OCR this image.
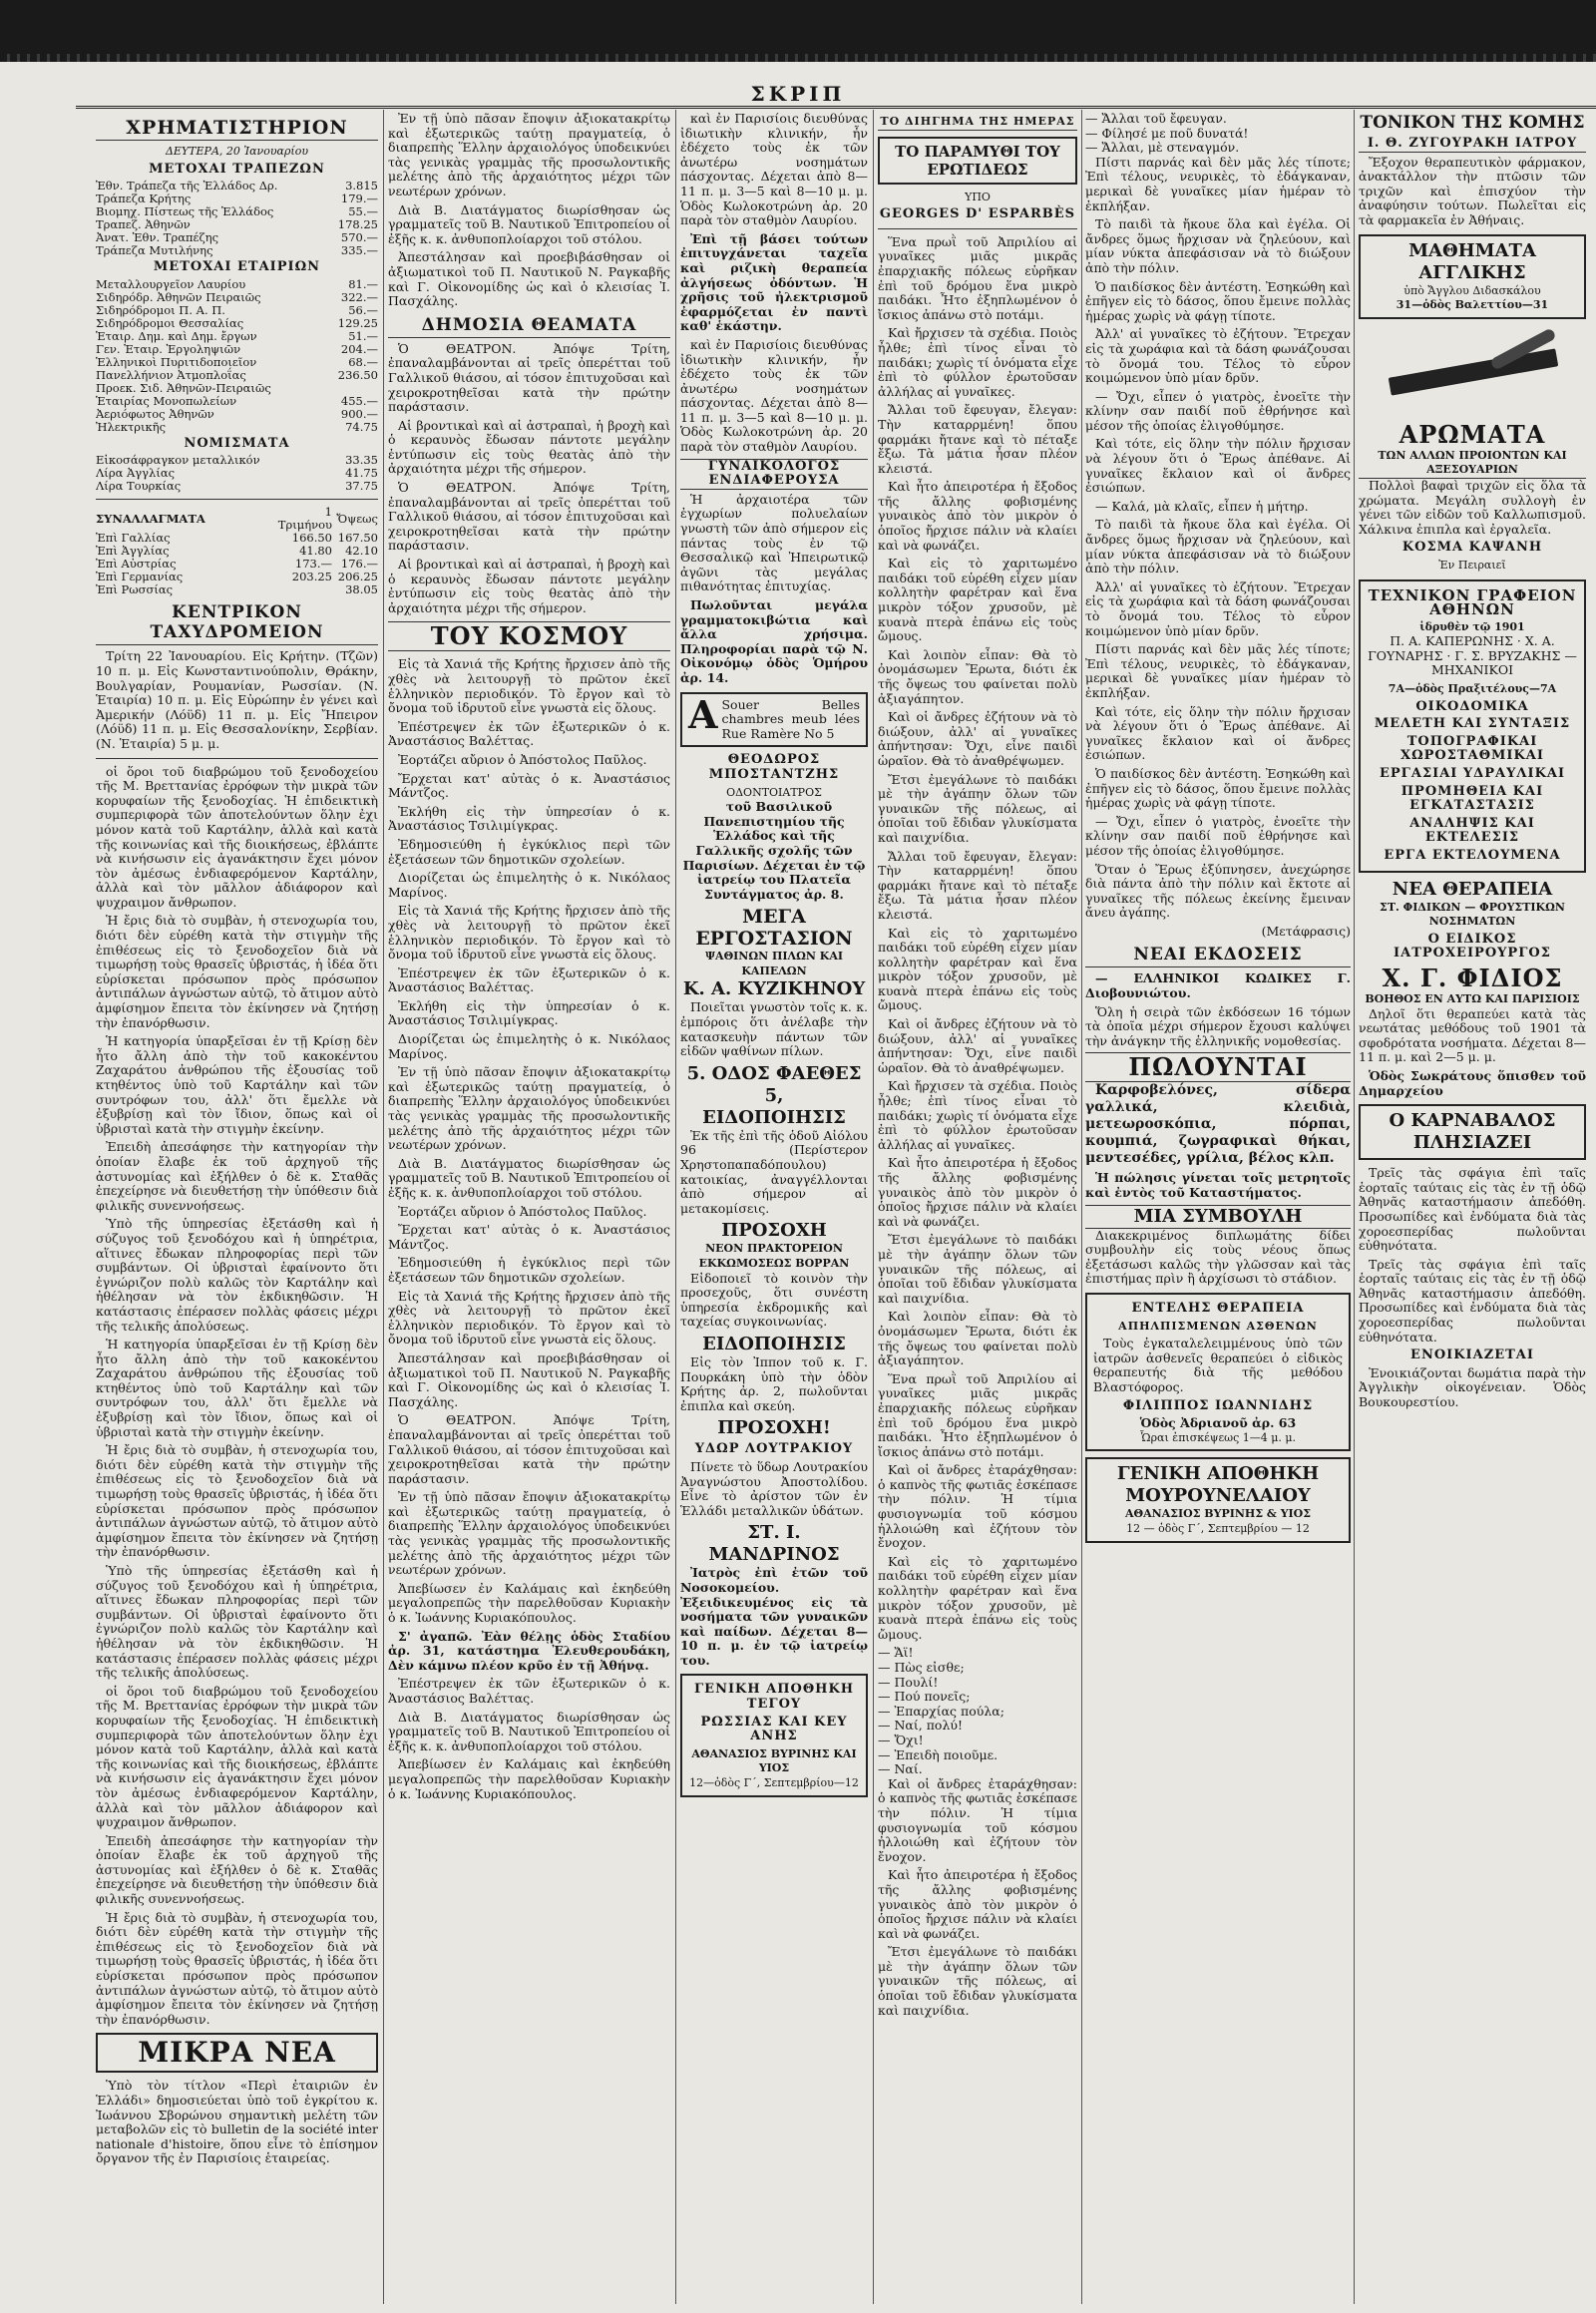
ΣΚΡΙΠ
ΧΡΗΜΑΤΙΣΤΗΡΙΟΝ
ΔΕΥΤΕΡΑ, 20 Ἰανουαρίου
ΜΕΤΟΧΑΙ ΤΡΑΠΕΖΩΝ
Ἐθν. Τράπεζα τῆς Ἑλλάδος Δρ.	3.815
Τράπεζα Κρήτης	179.—
Βιομηχ. Πίστεως τῆς Ἑλλάδος	55.—
Τραπεζ. Ἀθηνῶν	178.25
Ἀνατ. Ἐθν. Τραπέζης	570.—
Τράπεζα Μυτιλήνης	335.—
ΜΕΤΟΧΑΙ ΕΤΑΙΡΙΩΝ
Μεταλλουργεῖον Λαυρίου	81.—
Σιδηρόδρ. Ἀθηνῶν Πειραιῶς	322.—
Σιδηρόδρομοι Π. Α. Π.	56.—
Σιδηρόδρομοι Θεσσαλίας	129.25
Ἑταιρ. Δημ. καὶ Δημ. ἔργων	51.—
Γεν. Ἑταιρ. Ἐργοληψιῶν	204.—
Ἑλληνικοὶ Πυριτιδοποιεῖον	68.—
Πανελλήνιον Ἀτμοπλοΐας	236.50
Προεκ. Σιδ. Ἀθηνῶν-Πειραιῶς	
Ἑταιρίας Μονοπωλείων	455.—
Ἀεριόφωτος Ἀθηνῶν	900.—
Ἠλεκτρικῆς	74.75
ΝΟΜΙΣΜΑΤΑ
Εἰκοσάφραγκον μεταλλικόν	33.35
Λίρα Ἀγγλίας	41.75
Λίρα Τουρκίας	37.75
ΣΥΝΑΛΛΑΓΜΑΤΑ	1 Τριμήνου	Ὄψεως
Ἐπὶ Γαλλίας	166.50	167.50
Ἐπὶ Ἀγγλίας	41.80	42.10
Ἐπὶ Αὐστρίας	173.—	176.—
Ἐπὶ Γερμανίας	203.25	206.25
Ἐπὶ Ρωσσίας		38.05
ΚΕΝΤΡΙΚΟΝ ΤΑΧΥΔΡΟΜΕΙΟΝ

Τρίτη 22 Ἰανουαρίου. Εἰς Κρήτην. (Τζῶν) 10 π. μ. Εἰς Κωνσταντινούπολιν, Θράκην, Βουλγαρίαν, Ρουμανίαν, Ρωσσίαν. (Ν. Ἑταιρία) 10 π. μ. Εἰς Εὐρώπην ἐν γένει καὶ Ἀμερικήν (Λόϋδ) 11 π. μ. Εἰς Ἤπειρον (Λόϋδ) 11 π. μ. Εἰς Θεσσαλονίκην, Σερβίαν. (Ν. Ἑταιρία) 5 μ. μ.

οἱ ὅροι τοῦ διαβρώμου τοῦ ξενοδοχείου τῆς Μ. Βρεττανίας ἐρρόφων τὴν μικρὰ τῶν κορυφαίων τῆς ξενοδοχίας. Ἡ ἐπιδεικτικὴ συμπεριφορὰ τῶν ἀποτελούντων ὅλην ἐχι μόνον κατὰ τοῦ Καρτάλην, ἀλλὰ καὶ κατὰ τῆς κοινωνίας καὶ τῆς διοικήσεως, ἐβλάπτε νὰ κινήσωσιν εἰς ἀγανάκτησιν ἔχει μόνον τὸν ἀμέσως ἐνδιαφερόμενον Καρτάλην, ἀλλὰ καὶ τὸν μᾶλλον ἀδιάφορον καὶ ψυχραιμον ἄνθρωπον.

Ἡ ἔρις διὰ τὸ συμβὰν, ἡ στενοχωρία του, διότι δὲν εὑρέθη κατὰ τὴν στιγμὴν τῆς ἐπιθέσεως εἰς τὸ ξενοδοχεῖον διὰ νὰ τιμωρήσῃ τοὺς θρασεῖς ὑβριστάς, ἡ ἰδέα ὅτι εὑρίσκεται πρόσωπον πρὸς πρόσωπον ἀντιπάλων ἀγνώστων αὐτῷ, τὸ ἄτιμον αὐτὸ ἀμφίσημον ἔπειτα τὸν ἐκίνησεν νὰ ζητήσῃ τὴν ἐπανόρθωσιν.

Ἡ κατηγορία ὑπαρξεῖσαι ἐν τῇ Κρίσῃ δὲν ἦτο ἄλλη ἀπὸ τὴν τοῦ κακοκέντου Ζαχαράτου ἀνθρώπου τῆς ἐξουσίας τοῦ κτηθέντος ὑπὸ τοῦ Καρτάλην καὶ τῶν συντρόφων του, ἀλλ' ὅτι ἔμελλε νὰ ἐξυβρίσῃ καὶ τὸν ἴδιον, ὅπως καὶ οἱ ὑβρισταὶ κατὰ τὴν στιγμὴν ἐκείνην.

Ἐπειδὴ ἀπεσάφησε τὴν κατηγορίαν τὴν ὁποίαν ἔλαβε ἐκ τοῦ ἀρχηγοῦ τῆς ἀστυνομίας καὶ ἐξήλθεν ὁ δὲ κ. Σταθᾶς ἐπεχείρησε νὰ διευθετήσῃ τὴν ὑπόθεσιν διὰ φιλικῆς συνεννοήσεως.

Ὑπὸ τῆς ὑπηρεσίας ἐξετάσθη καὶ ἡ σύζυγος τοῦ ξενοδόχου καὶ ἡ ὑπηρέτρια, αἵτινες ἔδωκαν πληροφορίας περὶ τῶν συμβάντων. Οἱ ὑβρισταὶ ἐφαίνοντο ὅτι ἐγνώριζον πολὺ καλῶς τὸν Καρτάλην καὶ ἠθέλησαν νὰ τὸν ἐκδικηθῶσιν. Ἡ κατάστασις ἐπέρασεν πολλὰς φάσεις μέχρι τῆς τελικῆς ἀπολύσεως.

Ἡ κατηγορία ὑπαρξεῖσαι ἐν τῇ Κρίσῃ δὲν ἦτο ἄλλη ἀπὸ τὴν τοῦ κακοκέντου Ζαχαράτου ἀνθρώπου τῆς ἐξουσίας τοῦ κτηθέντος ὑπὸ τοῦ Καρτάλην καὶ τῶν συντρόφων του, ἀλλ' ὅτι ἔμελλε νὰ ἐξυβρίσῃ καὶ τὸν ἴδιον, ὅπως καὶ οἱ ὑβρισταὶ κατὰ τὴν στιγμὴν ἐκείνην.

Ἡ ἔρις διὰ τὸ συμβὰν, ἡ στενοχωρία του, διότι δὲν εὑρέθη κατὰ τὴν στιγμὴν τῆς ἐπιθέσεως εἰς τὸ ξενοδοχεῖον διὰ νὰ τιμωρήσῃ τοὺς θρασεῖς ὑβριστάς, ἡ ἰδέα ὅτι εὑρίσκεται πρόσωπον πρὸς πρόσωπον ἀντιπάλων ἀγνώστων αὐτῷ, τὸ ἄτιμον αὐτὸ ἀμφίσημον ἔπειτα τὸν ἐκίνησεν νὰ ζητήσῃ τὴν ἐπανόρθωσιν.

Ὑπὸ τῆς ὑπηρεσίας ἐξετάσθη καὶ ἡ σύζυγος τοῦ ξενοδόχου καὶ ἡ ὑπηρέτρια, αἵτινες ἔδωκαν πληροφορίας περὶ τῶν συμβάντων. Οἱ ὑβρισταὶ ἐφαίνοντο ὅτι ἐγνώριζον πολὺ καλῶς τὸν Καρτάλην καὶ ἠθέλησαν νὰ τὸν ἐκδικηθῶσιν. Ἡ κατάστασις ἐπέρασεν πολλὰς φάσεις μέχρι τῆς τελικῆς ἀπολύσεως.

οἱ ὅροι τοῦ διαβρώμου τοῦ ξενοδοχείου τῆς Μ. Βρεττανίας ἐρρόφων τὴν μικρὰ τῶν κορυφαίων τῆς ξενοδοχίας. Ἡ ἐπιδεικτικὴ συμπεριφορὰ τῶν ἀποτελούντων ὅλην ἐχι μόνον κατὰ τοῦ Καρτάλην, ἀλλὰ καὶ κατὰ τῆς κοινωνίας καὶ τῆς διοικήσεως, ἐβλάπτε νὰ κινήσωσιν εἰς ἀγανάκτησιν ἔχει μόνον τὸν ἀμέσως ἐνδιαφερόμενον Καρτάλην, ἀλλὰ καὶ τὸν μᾶλλον ἀδιάφορον καὶ ψυχραιμον ἄνθρωπον.

Ἐπειδὴ ἀπεσάφησε τὴν κατηγορίαν τὴν ὁποίαν ἔλαβε ἐκ τοῦ ἀρχηγοῦ τῆς ἀστυνομίας καὶ ἐξήλθεν ὁ δὲ κ. Σταθᾶς ἐπεχείρησε νὰ διευθετήσῃ τὴν ὑπόθεσιν διὰ φιλικῆς συνεννοήσεως.

Ἡ ἔρις διὰ τὸ συμβὰν, ἡ στενοχωρία του, διότι δὲν εὑρέθη κατὰ τὴν στιγμὴν τῆς ἐπιθέσεως εἰς τὸ ξενοδοχεῖον διὰ νὰ τιμωρήσῃ τοὺς θρασεῖς ὑβριστάς, ἡ ἰδέα ὅτι εὑρίσκεται πρόσωπον πρὸς πρόσωπον ἀντιπάλων ἀγνώστων αὐτῷ, τὸ ἄτιμον αὐτὸ ἀμφίσημον ἔπειτα τὸν ἐκίνησεν νὰ ζητήσῃ τὴν ἐπανόρθωσιν.

ΜΙΚΡΑ ΝΕΑ

Ὑπὸ τὸν τίτλον «Περὶ ἐταιριῶν ἐν Ἑλλάδι» δημοσιεύεται ὑπὸ τοῦ ἐγκρίτου κ. Ἰωάννου Σβορώνου σημαντικὴ μελέτη τῶν μεταβολῶν εἰς τὸ bulletin de la société inter nationale d'histoire, ὅπου εἶνε τὸ ἐπίσημον ὄργανον τῆς ἐν Παρισίοις ἑταιρείας.

Ἐν τῇ ὑπὸ πᾶσαν ἔποψιν ἀξιοκατακρίτῳ καὶ ἐξωτερικῶς ταύτῃ πραγματείᾳ, ὁ διαπρεπὴς Ἕλλην ἀρχαιολόγος ὑποδεικνύει τὰς γενικὰς γραμμὰς τῆς προσωλοντικῆς μελέτης ἀπὸ τῆς ἀρχαιότητος μέχρι τῶν νεωτέρων χρόνων.

Διὰ Β. Διατάγματος διωρίσθησαν ὡς γραμματεῖς τοῦ Β. Ναυτικοῦ Ἐπιτροπείου οἱ ἐξῆς κ. κ. ἀνθυποπλοίαρχοι τοῦ στόλου.

Ἀπεστάλησαν καὶ προεβιβάσθησαν οἱ ἀξιωματικοὶ τοῦ Π. Ναυτικοῦ Ν. Ραγκαβῆς καὶ Γ. Οἰκονομίδης ὡς καὶ ὁ κλεισίας Ἰ. Πασχάλης.

ΔΗΜΟΣΙΑ ΘΕΑΜΑΤΑ

Ὁ ΘΕΑΤΡΟΝ. Ἀπόψε Τρίτη, ἐπαναλαμβάνονται αἱ τρεῖς ὀπερέτται τοῦ Γαλλικοῦ θιάσου, αἱ τόσον ἐπιτυχοῦσαι καὶ χειροκροτηθεῖσαι κατὰ τὴν πρώτην παράστασιν.

Αἱ βροντικαὶ καὶ αἱ ἀστραπαὶ, ἡ βροχὴ καὶ ὁ κεραυνὸς ἔδωσαν πάντοτε μεγάλην ἐντύπωσιν εἰς τοὺς θεατὰς ἀπὸ τὴν ἀρχαιότητα μέχρι τῆς σήμερον.

Ὁ ΘΕΑΤΡΟΝ. Ἀπόψε Τρίτη, ἐπαναλαμβάνονται αἱ τρεῖς ὀπερέτται τοῦ Γαλλικοῦ θιάσου, αἱ τόσον ἐπιτυχοῦσαι καὶ χειροκροτηθεῖσαι κατὰ τὴν πρώτην παράστασιν.

Αἱ βροντικαὶ καὶ αἱ ἀστραπαὶ, ἡ βροχὴ καὶ ὁ κεραυνὸς ἔδωσαν πάντοτε μεγάλην ἐντύπωσιν εἰς τοὺς θεατὰς ἀπὸ τὴν ἀρχαιότητα μέχρι τῆς σήμερον.

ΤΟΥ ΚΟΣΜΟΥ

Εἰς τὰ Χανιά τῆς Κρήτης ἤρχισεν ἀπὸ τῆς χθὲς νὰ λειτουργῇ τὸ πρῶτον ἐκεῖ ἑλληνικὸν περιοδικόν. Τὸ ἔργον καὶ τὸ ὄνομα τοῦ ἱδρυτοῦ εἶνε γνωστὰ εἰς ὅλους.

Ἐπέστρεψεν ἐκ τῶν ἐξωτερικῶν ὁ κ. Ἀναστάσιος Βαλέττας.

Ἐορτάζει αὔριον ὁ Ἀπόστολος Παῦλος.

Ἔρχεται κατ' αὐτὰς ὁ κ. Ἀναστάσιος Μάντζος.

Ἐκλήθη εἰς τὴν ὑπηρεσίαν ὁ κ. Ἀναστάσιος Τσιλιμίγκρας.

Ἐδημοσιεύθη ἡ ἐγκύκλιος περὶ τῶν ἐξετάσεων τῶν δημοτικῶν σχολείων.

Διορίζεται ὡς ἐπιμελητὴς ὁ κ. Νικόλαος Μαρίνος.

Εἰς τὰ Χανιά τῆς Κρήτης ἤρχισεν ἀπὸ τῆς χθὲς νὰ λειτουργῇ τὸ πρῶτον ἐκεῖ ἑλληνικὸν περιοδικόν. Τὸ ἔργον καὶ τὸ ὄνομα τοῦ ἱδρυτοῦ εἶνε γνωστὰ εἰς ὅλους.

Ἐπέστρεψεν ἐκ τῶν ἐξωτερικῶν ὁ κ. Ἀναστάσιος Βαλέττας.

Ἐκλήθη εἰς τὴν ὑπηρεσίαν ὁ κ. Ἀναστάσιος Τσιλιμίγκρας.

Διορίζεται ὡς ἐπιμελητὴς ὁ κ. Νικόλαος Μαρίνος.

Ἐν τῇ ὑπὸ πᾶσαν ἔποψιν ἀξιοκατακρίτῳ καὶ ἐξωτερικῶς ταύτῃ πραγματείᾳ, ὁ διαπρεπὴς Ἕλλην ἀρχαιολόγος ὑποδεικνύει τὰς γενικὰς γραμμὰς τῆς προσωλοντικῆς μελέτης ἀπὸ τῆς ἀρχαιότητος μέχρι τῶν νεωτέρων χρόνων.

Διὰ Β. Διατάγματος διωρίσθησαν ὡς γραμματεῖς τοῦ Β. Ναυτικοῦ Ἐπιτροπείου οἱ ἐξῆς κ. κ. ἀνθυποπλοίαρχοι τοῦ στόλου.

Ἐορτάζει αὔριον ὁ Ἀπόστολος Παῦλος.

Ἔρχεται κατ' αὐτὰς ὁ κ. Ἀναστάσιος Μάντζος.

Ἐδημοσιεύθη ἡ ἐγκύκλιος περὶ τῶν ἐξετάσεων τῶν δημοτικῶν σχολείων.

Εἰς τὰ Χανιά τῆς Κρήτης ἤρχισεν ἀπὸ τῆς χθὲς νὰ λειτουργῇ τὸ πρῶτον ἐκεῖ ἑλληνικὸν περιοδικόν. Τὸ ἔργον καὶ τὸ ὄνομα τοῦ ἱδρυτοῦ εἶνε γνωστὰ εἰς ὅλους.

Ἀπεστάλησαν καὶ προεβιβάσθησαν οἱ ἀξιωματικοὶ τοῦ Π. Ναυτικοῦ Ν. Ραγκαβῆς καὶ Γ. Οἰκονομίδης ὡς καὶ ὁ κλεισίας Ἰ. Πασχάλης.

Ὁ ΘΕΑΤΡΟΝ. Ἀπόψε Τρίτη, ἐπαναλαμβάνονται αἱ τρεῖς ὀπερέτται τοῦ Γαλλικοῦ θιάσου, αἱ τόσον ἐπιτυχοῦσαι καὶ χειροκροτηθεῖσαι κατὰ τὴν πρώτην παράστασιν.

Ἐν τῇ ὑπὸ πᾶσαν ἔποψιν ἀξιοκατακρίτῳ καὶ ἐξωτερικῶς ταύτῃ πραγματείᾳ, ὁ διαπρεπὴς Ἕλλην ἀρχαιολόγος ὑποδεικνύει τὰς γενικὰς γραμμὰς τῆς προσωλοντικῆς μελέτης ἀπὸ τῆς ἀρχαιότητος μέχρι τῶν νεωτέρων χρόνων.

Ἀπεβίωσεν ἐν Καλάμαις καὶ ἐκηδεύθη μεγαλοπρεπῶς τὴν παρελθοῦσαν Κυριακὴν ὁ κ. Ἰωάννης Κυριακόπουλος.

Σ' ἀγαπῶ. Ἐὰν θέλῃς ὁδὸς Σταδίου ἀρ. 31, κατάστημα Ἐλευθερουδάκη, Δὲν κάμνω πλέον κρῦο ἐν τῇ Ἀθήνᾳ.

Ἐπέστρεψεν ἐκ τῶν ἐξωτερικῶν ὁ κ. Ἀναστάσιος Βαλέττας.

Διὰ Β. Διατάγματος διωρίσθησαν ὡς γραμματεῖς τοῦ Β. Ναυτικοῦ Ἐπιτροπείου οἱ ἐξῆς κ. κ. ἀνθυποπλοίαρχοι τοῦ στόλου.

Ἀπεβίωσεν ἐν Καλάμαις καὶ ἐκηδεύθη μεγαλοπρεπῶς τὴν παρελθοῦσαν Κυριακὴν ὁ κ. Ἰωάννης Κυριακόπουλος.

καὶ ἐν Παρισίοις διευθύνας ἰδιωτικὴν κλινικήν, ἦν ἐδέχετο τοὺς ἐκ τῶν ἀνωτέρω νοσημάτων πάσχοντας. Δέχεται ἀπὸ 8—11 π. μ. 3—5 καὶ 8—10 μ. μ. Ὁδὸς Κωλοκοτρώνη ἀρ. 20 παρὰ τὸν σταθμὸν Λαυρίου.

Ἐπὶ τῇ βάσει τούτων ἐπιτυγχάνεται ταχεῖα καὶ ριζικὴ θεραπεία ἀλγήσεως ὀδόντων. Ἡ χρῆσις τοῦ ἠλεκτρισμοῦ ἐφαρμόζεται ἐν παντὶ καθ' ἑκάστην.

καὶ ἐν Παρισίοις διευθύνας ἰδιωτικὴν κλινικήν, ἦν ἐδέχετο τοὺς ἐκ τῶν ἀνωτέρω νοσημάτων πάσχοντας. Δέχεται ἀπὸ 8—11 π. μ. 3—5 καὶ 8—10 μ. μ. Ὁδὸς Κωλοκοτρώνη ἀρ. 20 παρὰ τὸν σταθμὸν Λαυρίου.

ΓΥΝΑΙΚΟΛΟΓΟΣ ΕΝΔΙΑΦΕΡΟΥΣΑ

Ἡ ἀρχαιοτέρα τῶν ἐγχωρίων πολυελαίων γνωστὴ τῶν ἀπὸ σήμερον εἰς πάντας τοὺς ἐν τῷ Θεσσαλικῷ καὶ Ἠπειρωτικῷ ἀγῶνι τὰς μεγάλας πιθανότητας ἐπιτυχίας.

Πωλοῦνται μεγάλα γραμματοκιβώτια καὶ ἄλλα χρήσιμα. Πληροφορίαι παρὰ τῷ Ν. Οἰκονόμῳ ὁδὸς Ὁμήρου ἀρ. 14.

A Souer Belles chambres meub lées Rue Ramère No 5
ΘΕΟΔΩΡΟΣ ΜΠΟΣΤΑΝΤΖΗΣ
ΟΔΟΝΤΟΙΑΤΡΟΣ

τοῦ Βασιλικοῦ Πανεπιστημίου τῆς Ἑλλάδος καὶ τῆς Γαλλικῆς σχολῆς τῶν Παρισίων. Δέχεται ἐν τῷ ἰατρείῳ του Πλατεῖα Συντάγματος ἀρ. 8.

ΜΕΓΑ ΕΡΓΟΣΤΑΣΙΟΝ
ΨΑΘΙΝΩΝ ΠΙΛΩΝ ΚΑΙ ΚΑΠΕΛΩΝ
Κ. Α. ΚΥΖΙΚΗΝΟΥ

Ποιεῖται γνωστὸν τοῖς κ. κ. ἐμπόροις ὅτι ἀνέλαβε τὴν κατασκευὴν πάντων τῶν εἰδῶν ψαθίνων πίλων.

5. ΟΔΟΣ ΦΑΕΘΕΣ 5,
ΕΙΔΟΠΟΙΗΣΙΣ

Ἐκ τῆς ἐπὶ τῆς ὁδοῦ Αἰόλου 96 (Περίστερον Χρηστοπαπαδόπουλου) κατοικίας, ἀναγγέλλονται ἀπὸ σήμερον αἱ μετακομίσεις.

ΠΡΟΣΟΧΗ
ΝΕΟΝ ΠΡΑΚΤΟΡΕΙΟΝ ΕΚΚΩΜΟΣΕΩΣ ΒΟΡΡΑΝ

Εἰδοποιεῖ τὸ κοινὸν τὴν προσεχοῦς, ὅτι συνέστη ὑπηρεσία ἐκδρομικῆς καὶ ταχείας συγκοινωνίας.

ΕΙΔΟΠΟΙΗΣΙΣ

Εἰς τὸν Ἰππον τοῦ κ. Γ. Πουρκάκη ὑπὸ τὴν ὁδὸν Κρήτης ἀρ. 2, πωλοῦνται ἐπιπλα καὶ σκεύη.

ΠΡΟΣΟΧΗ!
ΥΔΩΡ ΛΟΥΤΡΑΚΙΟΥ

Πίνετε τὸ ὕδωρ Λουτρακίου Ἀναγνώστου Ἀποστολίδου. Εἶνε τὸ ἀρίστον τῶν ἐν Ἑλλάδι μεταλλικῶν ὑδάτων.

ΣΤ. Ι. ΜΑΝΔΡΙΝΟΣ

Ἰατρὸς ἐπὶ ἐτῶν τοῦ Νοσοκομείου. Ἐξειδικευμένος εἰς τὰ νοσήματα τῶν γυναικῶν καὶ παίδων. Δέχεται 8—10 π. μ. ἐν τῷ ἰατρείῳ του.

ΓΕΝΙΚΗ ΑΠΟΘΗΚΗ ΤΕΓΟΥ
ΡΩΣΣΙΑΣ ΚΑΙ ΚΕΥ ΑΝΗΣ
ΑΘΑΝΑΣΙΟΣ ΒΥΡΙΝΗΣ ΚΑΙ ΥΙΟΣ
12—ὁδὸς Γ΄, Σεπτεμβρίου—12
ΤΟ ΔΙΗΓΗΜΑ ΤΗΣ ΗΜΕΡΑΣ
ΤΟ ΠΑΡΑΜΥΘΙ ΤΟΥ ΕΡΩΤΙΔΕΩΣ
ΥΠΟ
GEORGES D' ESPARBÈS

Ἕνα πρωῒ τοῦ Ἀπριλίου αἱ γυναῖκες μιᾶς μικρᾶς ἐπαρχιακῆς πόλεως εὑρῆκαν ἐπὶ τοῦ δρόμου ἕνα μικρὸ παιδάκι. Ἦτο ἐξηπλωμένον ὁ ἴσκιος ἀπάνω στὸ ποτάμι.

Καὶ ἤρχισεν τὰ σχέδια. Ποιὸς ἦλθε; ἐπὶ τίνος εἶναι τὸ παιδάκι; χωρὶς τί ὀνόματα εἶχε ἐπὶ τὸ φύλλον ἐρωτοῦσαν ἀλλήλας αἱ γυναῖκες.

Ἄλλαι τοῦ ἔφευγαν, ἔλεγαν: Τὴν καταρρμένη! ὅπου φαρμάκι ἤτανε καὶ τὸ πέταξε ἔξω. Τὰ μάτια ἦσαν πλέον κλειστά.

Καὶ ἦτο ἀπειροτέρα ἡ ἔξοδος τῆς ἄλλης φοβισμένης γυναικὸς ἀπὸ τὸν μικρὸν ὁ ὁποῖος ἤρχισε πάλιν νὰ κλαίει καὶ νὰ φωνάζει.

Καὶ εἰς τὸ χαριτωμένο παιδάκι τοῦ εὑρέθη εἶχεν μίαν κολλητὴν φαρέτραν καὶ ἕνα μικρὸν τόξον χρυσοῦν, μὲ κυανὰ πτερὰ ἐπάνω εἰς τοὺς ὤμους.

Καὶ λοιπὸν εἶπαν: Θὰ τὸ ὀνομάσωμεν Ἔρωτα, διότι ἐκ τῆς ὄψεως του φαίνεται πολὺ ἀξιαγάπητον.

Καὶ οἱ ἄνδρες ἐζήτουν νὰ τὸ διώξουν, ἀλλ' αἱ γυναῖκες ἀπήντησαν: Ὄχι, εἶνε παιδὶ ὡραῖον. Θὰ τὸ ἀναθρέψωμεν.

Ἔτσι ἐμεγάλωνε τὸ παιδάκι μὲ τὴν ἀγάπην ὅλων τῶν γυναικῶν τῆς πόλεως, αἱ ὁποῖαι τοῦ ἔδιδαν γλυκίσματα καὶ παιχνίδια.

Ἄλλαι τοῦ ἔφευγαν, ἔλεγαν: Τὴν καταρρμένη! ὅπου φαρμάκι ἤτανε καὶ τὸ πέταξε ἔξω. Τὰ μάτια ἦσαν πλέον κλειστά.

Καὶ εἰς τὸ χαριτωμένο παιδάκι τοῦ εὑρέθη εἶχεν μίαν κολλητὴν φαρέτραν καὶ ἕνα μικρὸν τόξον χρυσοῦν, μὲ κυανὰ πτερὰ ἐπάνω εἰς τοὺς ὤμους.

Καὶ οἱ ἄνδρες ἐζήτουν νὰ τὸ διώξουν, ἀλλ' αἱ γυναῖκες ἀπήντησαν: Ὄχι, εἶνε παιδὶ ὡραῖον. Θὰ τὸ ἀναθρέψωμεν.

Καὶ ἤρχισεν τὰ σχέδια. Ποιὸς ἦλθε; ἐπὶ τίνος εἶναι τὸ παιδάκι; χωρὶς τί ὀνόματα εἶχε ἐπὶ τὸ φύλλον ἐρωτοῦσαν ἀλλήλας αἱ γυναῖκες.

Καὶ ἦτο ἀπειροτέρα ἡ ἔξοδος τῆς ἄλλης φοβισμένης γυναικὸς ἀπὸ τὸν μικρὸν ὁ ὁποῖος ἤρχισε πάλιν νὰ κλαίει καὶ νὰ φωνάζει.

Ἔτσι ἐμεγάλωνε τὸ παιδάκι μὲ τὴν ἀγάπην ὅλων τῶν γυναικῶν τῆς πόλεως, αἱ ὁποῖαι τοῦ ἔδιδαν γλυκίσματα καὶ παιχνίδια.

Καὶ λοιπὸν εἶπαν: Θὰ τὸ ὀνομάσωμεν Ἔρωτα, διότι ἐκ τῆς ὄψεως του φαίνεται πολὺ ἀξιαγάπητον.

Ἕνα πρωῒ τοῦ Ἀπριλίου αἱ γυναῖκες μιᾶς μικρᾶς ἐπαρχιακῆς πόλεως εὑρῆκαν ἐπὶ τοῦ δρόμου ἕνα μικρὸ παιδάκι. Ἦτο ἐξηπλωμένον ὁ ἴσκιος ἀπάνω στὸ ποτάμι.

Καὶ οἱ ἄνδρες ἐταράχθησαν: ὁ καπνὸς τῆς φωτιᾶς ἐσκέπασε τὴν πόλιν. Ἡ τίμια φυσιογνωμία τοῦ κόσμου ἠλλοιώθη καὶ ἐζήτουν τὸν ἔνοχον.

Καὶ εἰς τὸ χαριτωμένο παιδάκι τοῦ εὑρέθη εἶχεν μίαν κολλητὴν φαρέτραν καὶ ἕνα μικρὸν τόξον χρυσοῦν, μὲ κυανὰ πτερὰ ἐπάνω εἰς τοὺς ὤμους.

— Ἄϊ!
— Πὼς εἰσθε;
— Πουλί!
— Πού πονεῖς;
— Ἐπαρχίας πούλα;
— Ναί, πολύ!
— Ὄχι!
— Ἐπειδὴ ποιοῦμε.
— Ναί.

Καὶ οἱ ἄνδρες ἐταράχθησαν: ὁ καπνὸς τῆς φωτιᾶς ἐσκέπασε τὴν πόλιν. Ἡ τίμια φυσιογνωμία τοῦ κόσμου ἠλλοιώθη καὶ ἐζήτουν τὸν ἔνοχον.

Καὶ ἦτο ἀπειροτέρα ἡ ἔξοδος τῆς ἄλλης φοβισμένης γυναικὸς ἀπὸ τὸν μικρὸν ὁ ὁποῖος ἤρχισε πάλιν νὰ κλαίει καὶ νὰ φωνάζει.

Ἔτσι ἐμεγάλωνε τὸ παιδάκι μὲ τὴν ἀγάπην ὅλων τῶν γυναικῶν τῆς πόλεως, αἱ ὁποῖαι τοῦ ἔδιδαν γλυκίσματα καὶ παιχνίδια.

— Ἄλλαι τοῦ ἔφευγαν.
— Φίλησέ με ποῦ δυνατά!
— Ἄλλαι, μὲ στεναγμόν.

Πίστι παρνάς καὶ δὲν μᾶς λές τίποτε; Ἐπὶ τέλους, νευρικὲς, τὸ ἐδάγκαναν, μερικαὶ δὲ γυναῖκες μίαν ἡμέραν τὸ ἐκπλήξαν.

Τὸ παιδὶ τὰ ἤκουε ὅλα καὶ ἐγέλα. Οἱ ἄνδρες ὅμως ἤρχισαν νὰ ζηλεύουν, καὶ μίαν νύκτα ἀπεφάσισαν νὰ τὸ διώξουν ἀπὸ τὴν πόλιν.

Ὁ παιδίσκος δὲν ἀντέστη. Ἐσηκώθη καὶ ἐπῆγεν εἰς τὸ δάσος, ὅπου ἔμεινε πολλὰς ἡμέρας χωρὶς νὰ φάγῃ τίποτε.

Ἀλλ' αἱ γυναῖκες τὸ ἐζήτουν. Ἔτρεχαν εἰς τὰ χωράφια καὶ τὰ δάση φωνάζουσαι τὸ ὄνομά του. Τέλος τὸ εὗρον κοιμώμενον ὑπὸ μίαν δρῦν.

— Ὄχι, εἶπεν ὁ γιατρὸς, ἐνοεῖτε τὴν κλίνην σαν παιδί ποῦ ἐθρήνησε καὶ μέσον τῆς ὁποίας ἐλιγοθύμησε.

Καὶ τότε, εἰς ὅλην τὴν πόλιν ἤρχισαν νὰ λέγουν ὅτι ὁ Ἔρως ἀπέθανε. Αἱ γυναῖκες ἔκλαιον καὶ οἱ ἄνδρες ἐσιώπων.

— Καλά, μὰ κλαῖς, εἶπεν ἡ μήτηρ.

Τὸ παιδὶ τὰ ἤκουε ὅλα καὶ ἐγέλα. Οἱ ἄνδρες ὅμως ἤρχισαν νὰ ζηλεύουν, καὶ μίαν νύκτα ἀπεφάσισαν νὰ τὸ διώξουν ἀπὸ τὴν πόλιν.

Ἀλλ' αἱ γυναῖκες τὸ ἐζήτουν. Ἔτρεχαν εἰς τὰ χωράφια καὶ τὰ δάση φωνάζουσαι τὸ ὄνομά του. Τέλος τὸ εὗρον κοιμώμενον ὑπὸ μίαν δρῦν.

Πίστι παρνάς καὶ δὲν μᾶς λές τίποτε; Ἐπὶ τέλους, νευρικὲς, τὸ ἐδάγκαναν, μερικαὶ δὲ γυναῖκες μίαν ἡμέραν τὸ ἐκπλήξαν.

Καὶ τότε, εἰς ὅλην τὴν πόλιν ἤρχισαν νὰ λέγουν ὅτι ὁ Ἔρως ἀπέθανε. Αἱ γυναῖκες ἔκλαιον καὶ οἱ ἄνδρες ἐσιώπων.

Ὁ παιδίσκος δὲν ἀντέστη. Ἐσηκώθη καὶ ἐπῆγεν εἰς τὸ δάσος, ὅπου ἔμεινε πολλὰς ἡμέρας χωρὶς νὰ φάγῃ τίποτε.

— Ὄχι, εἶπεν ὁ γιατρὸς, ἐνοεῖτε τὴν κλίνην σαν παιδί ποῦ ἐθρήνησε καὶ μέσον τῆς ὁποίας ἐλιγοθύμησε.

Ὅταν ὁ Ἔρως ἐξύπνησεν, ἀνεχώρησε διὰ πάντα ἀπὸ τὴν πόλιν καὶ ἔκτοτε αἱ γυναῖκες τῆς πόλεως ἐκείνης ἔμειναν ἄνευ ἀγάπης.

(Μετάφρασις)
ΝΕΑΙ ΕΚΔΟΣΕΙΣ

— ΕΛΛΗΝΙΚΟΙ ΚΩΔΙΚΕΣ Γ. Διοβουνιώτου.

Ὅλη ἡ σειρὰ τῶν ἐκδόσεων 16 τόμων τὰ ὁποῖα μέχρι σήμερον ἔχουσι καλύψει τὴν ἀνάγκην τῆς ἑλληνικῆς νομοθεσίας.

ΠΩΛΟΥΝΤΑΙ

Καρφοβελόνες, σίδερα γαλλικά, κλειδιὰ, μετεωροσκόπια, πόρπαι, κουμπιά, ζωγραφικαὶ θήκαι, μεντεσέδες, γρίλια, βέλος κλπ.

Ἡ πώλησις γίνεται τοῖς μετρητοῖς καὶ ἐντὸς τοῦ Καταστήματος.

ΜΙΑ ΣΥΜΒΟΥΛΗ

Διακεκριμένος διπλωμάτης δίδει συμβουλὴν εἰς τοὺς νέους ὅπως ἐξετάσωσι καλῶς τὴν γλῶσσαν καὶ τὰς ἐπιστήμας πρὶν ἢ ἀρχίσωσι τὸ στάδιον.

ΕΝΤΕΛΗΣ ΘΕΡΑΠΕΙΑ
ΑΠΗΛΠΙΣΜΕΝΩΝ ΑΣΘΕΝΩΝ

Τοὺς ἐγκαταλελειμμένους ὑπὸ τῶν ἰατρῶν ἀσθενεῖς θεραπεύει ὁ εἰδικὸς θεραπευτής διὰ τῆς μεθόδου Βλαστόφορος.

ΦΙΛΙΠΠΟΣ ΙΩΑΝΝΙΔΗΣ
Ὁδὸς Ἀδριανοῦ ἀρ. 63
Ὧραι ἐπισκέψεως 1—4 μ. μ.
ΓΕΝΙΚΗ ΑΠΟΘΗΚΗ
ΜΟΥΡΟΥΝΕΛΑΙΟΥ
ΑΘΑΝΑΣΙΟΣ ΒΥΡΙΝΗΣ & ΥΙΟΣ
12 — ὁδὸς Γ΄, Σεπτεμβρίου — 12
ΤΟΝΙΚΟΝ ΤΗΣ ΚΟΜΗΣ
Ι. Θ. ΖΥΓΟΥΡΑΚΗ ΙΑΤΡΟΥ

Ἔξοχον θεραπευτικὸν φάρμακον, ἀνακτάλλον τὴν πτῶσιν τῶν τριχῶν καὶ ἐπισχύον τὴν ἀναφύησιν τούτων. Πωλεῖται εἰς τὰ φαρμακεῖα ἐν Ἀθήναις.

ΜΑΘΗΜΑΤΑ ΑΓΓΛΙΚΗΣ
ὑπὸ Ἄγγλου Διδασκάλου
31—ὁδὸς Βαλεττίου—31
ΑΡΩΜΑΤΑ
ΤΩΝ ΑΛΛΩΝ ΠΡΟΙΟΝΤΩΝ ΚΑΙ ΑΞΕΣΟΥΑΡΙΩΝ

Πολλοὶ βαφαὶ τριχῶν εἰς ὅλα τὰ χρώματα. Μεγάλη συλλογὴ ἐν γένει τῶν εἰδῶν τοῦ Καλλωπισμοῦ. Χάλκινα ἐπιπλα καὶ ἐργαλεῖα.

ΚΟΣΜΑ ΚΑΨΑΝΗ
Ἐν Πειραιεῖ
ΤΕΧΝΙΚΟΝ ΓΡΑΦΕΙΟΝ ΑΘΗΝΩΝ
ἱδρυθὲν τῷ 1901

Π. Α. ΚΑΠΕΡΩΝΗΣ · Χ. Α. ΓΟΥΝΑΡΗΣ · Γ. Σ. ΒΡΥΖΑΚΗΣ — ΜΗΧΑΝΙΚΟΙ

7Α—ὁδὸς Πραξιτέλους—7Α
ΟΙΚΟΔΟΜΙΚΑ
ΜΕΛΕΤΗ ΚΑΙ ΣΥΝΤΑΞΙΣ
ΤΟΠΟΓΡΑΦΙΚΑΙ ΧΩΡΟΣΤΑΘΜΙΚΑΙ
ΕΡΓΑΣΙΑΙ ΥΔΡΑΥΛΙΚΑΙ
ΠΡΟΜΗΘΕΙΑ ΚΑΙ ΕΓΚΑΤΑΣΤΑΣΙΣ
ΑΝΑΛΗΨΙΣ ΚΑΙ ΕΚΤΕΛΕΣΙΣ
ΕΡΓΑ ΕΚΤΕΛΟΥΜΕΝΑ
ΝΕΑ ΘΕΡΑΠΕΙΑ
ΣΤ. ΦΙΔΙΚΩΝ — ΦΡΟΥΣΤΙΚΩΝ ΝΟΣΗΜΑΤΩΝ
Ο ΕΙΔΙΚΟΣ ΙΑΤΡΟΧΕΙΡΟΥΡΓΟΣ
Χ. Γ. ΦΙΔΙΟΣ
ΒΟΗΘΟΣ ΕΝ ΑΥΤΩ ΚΑΙ ΠΑΡΙΣΙΟΙΣ

Δηλοῖ ὅτι θεραπεύει κατὰ τὰς νεωτάτας μεθόδους τοῦ 1901 τὰ σφοδρότατα νοσήματα. Δέχεται 8—11 π. μ. καὶ 2—5 μ. μ.

Ὁδὸς Σωκράτους ὅπισθεν τοῦ Δημαρχείου

Ο ΚΑΡΝΑΒΑΛΟΣ ΠΛΗΣΙΑΖΕΙ

Τρεῖς τὰς σφάγια ἐπὶ ταῖς ἑορταῖς ταύταις εἰς τὰς ἐν τῇ ὁδῷ Ἀθηνᾶς καταστήμασιν ἀπεδόθη. Προσωπίδες καὶ ἐνδύματα διὰ τὰς χοροεσπερίδας πωλοῦνται εὐθηνότατα.

Τρεῖς τὰς σφάγια ἐπὶ ταῖς ἑορταῖς ταύταις εἰς τὰς ἐν τῇ ὁδῷ Ἀθηνᾶς καταστήμασιν ἀπεδόθη. Προσωπίδες καὶ ἐνδύματα διὰ τὰς χοροεσπερίδας πωλοῦνται εὐθηνότατα.

ΕΝΟΙΚΙΑΖΕΤΑΙ

Ἐνοικιάζονται δωμάτια παρὰ τὴν Ἀγγλικὴν οἰκογένειαν. Ὁδὸς Βουκουρεστίου.
